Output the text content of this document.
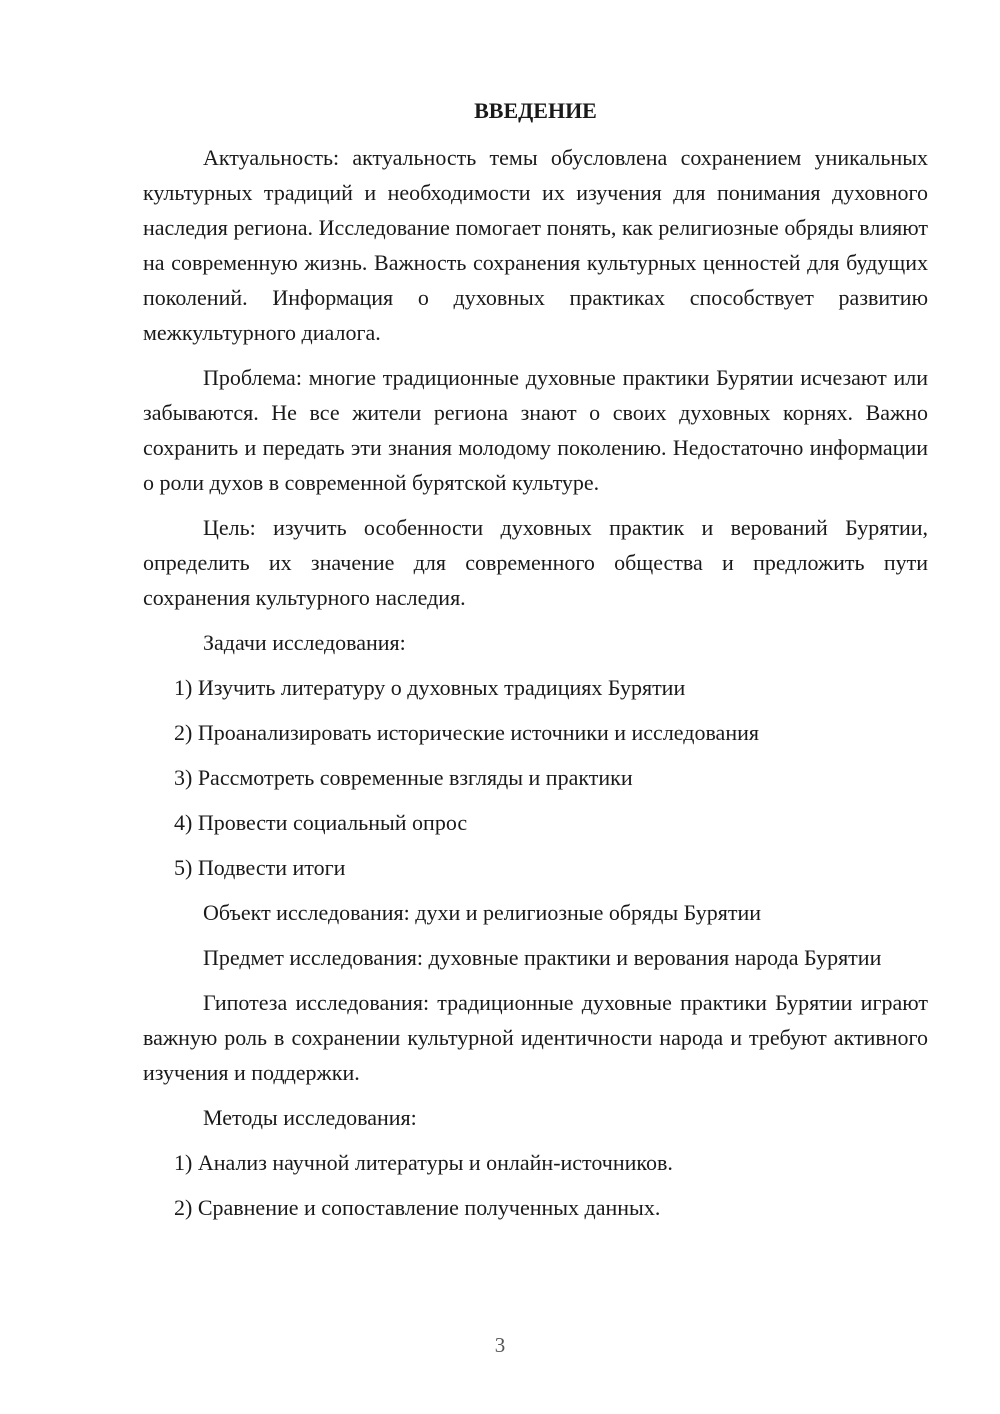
ВВЕДЕНИЕ

Актуальность: актуальность темы обусловлена сохранением уникальных культурных традиций и необходимости их изучения для понимания духовного наследия региона. Исследование помогает понять, как религиозные обряды влияют на современную жизнь. Важность сохранения культурных ценностей для будущих поколений. Информация о духовных практиках способствует развитию межкультурного диалога.

Проблема: многие традиционные духовные практики Бурятии исчезают или забываются. Не все жители региона знают о своих духовных корнях. Важно сохранить и передать эти знания молодому поколению. Недостаточно информации о роли духов в современной бурятской культуре.

Цель: изучить особенности духовных практик и верований Бурятии, определить их значение для современного общества и предложить пути сохранения культурного наследия.

Задачи исследования:
1) Изучить литературу о духовных традициях Бурятии
2) Проанализировать исторические источники и исследования
3) Рассмотреть современные взгляды и практики
4) Провести социальный опрос
5) Подвести итоги
Объект исследования: духи и религиозные обряды Бурятии

Предмет исследования: духовные практики и верования народа Бурятии

Гипотеза исследования: традиционные духовные практики Бурятии играют важную роль в сохранении культурной идентичности народа и требуют активного изучения и поддержки.

Методы исследования:
1) Анализ научной литературы и онлайн-источников.
2) Сравнение и сопоставление полученных данных.
3
